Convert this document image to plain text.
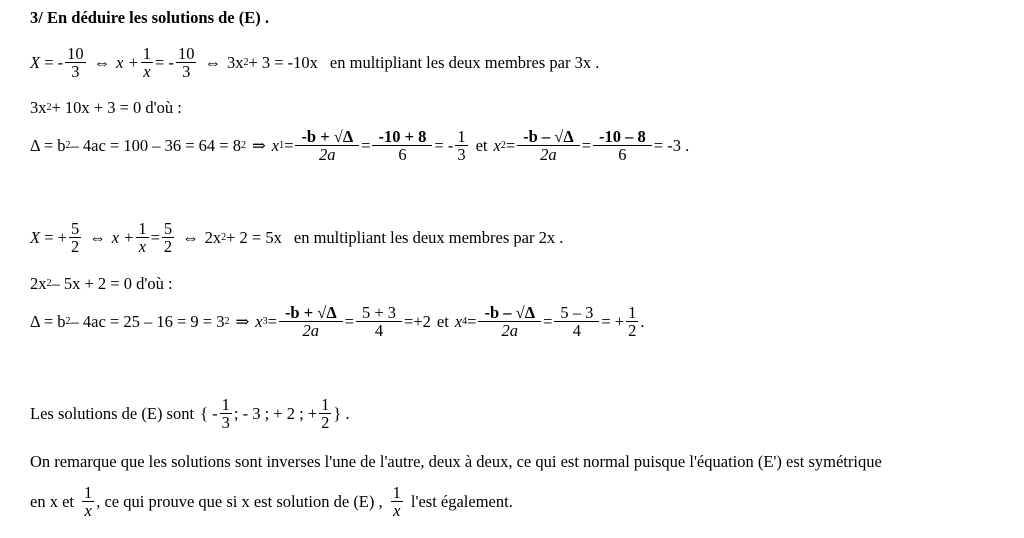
3/ En déduire les solutions de (E) .
X = - $\frac{10}{3}$ ⇔ $x + \frac{1}{x}$ = - $\frac{10}{3}$ ⇔ 3x 2 + 3 = -10x en multipliant les deux membres par 3x .
3x 2 + 10x + 3 = 0 d'où :
Δ = b 2 – 4ac = 100 – 36 = 64 = 8 2 ⇒ x $1 = \frac{-b + √\Delta}{2a} = \frac{-10 + 8}{6}$ = - $\frac{1}{3}$ et x $2 = \frac{-b - √\Delta}{2a} = \frac{-10 - 8}{6} = -3$ .
X = + $\frac{5}{2}$ ⇔ $x + \frac{1}{x} = \frac{5}{2}$ ⇔ 2x 2 + 2 = 5x en multipliant les deux membres par 2x .
2x 2 – 5x + 2 = 0 d'où :
Δ = b 2 – 4ac = 25 – 16 = 9 = 3 2 ⇒ x $3 = \frac{-b + √\Delta}{2a} = \frac{5 + 3}{4} =+2$ et x $4 = \frac{-b - √\Delta}{2a} = \frac{5 - 3}{4}$ = + $\frac{1}{2}$ .
Les solutions de (E) sont { - $\frac{1}{3}$ ; - 3 ; + 2 ; + $\frac{1}{2}$ } .
On remarque que les solutions sont inverses l'une de l'autre, deux à deux, ce qui est normal puisque l'équation (E') est symétrique
en x et $\frac{1}{x}$ , ce qui prouve que si x est solution de (E) , $\frac{1}{x} l'est$ également.
